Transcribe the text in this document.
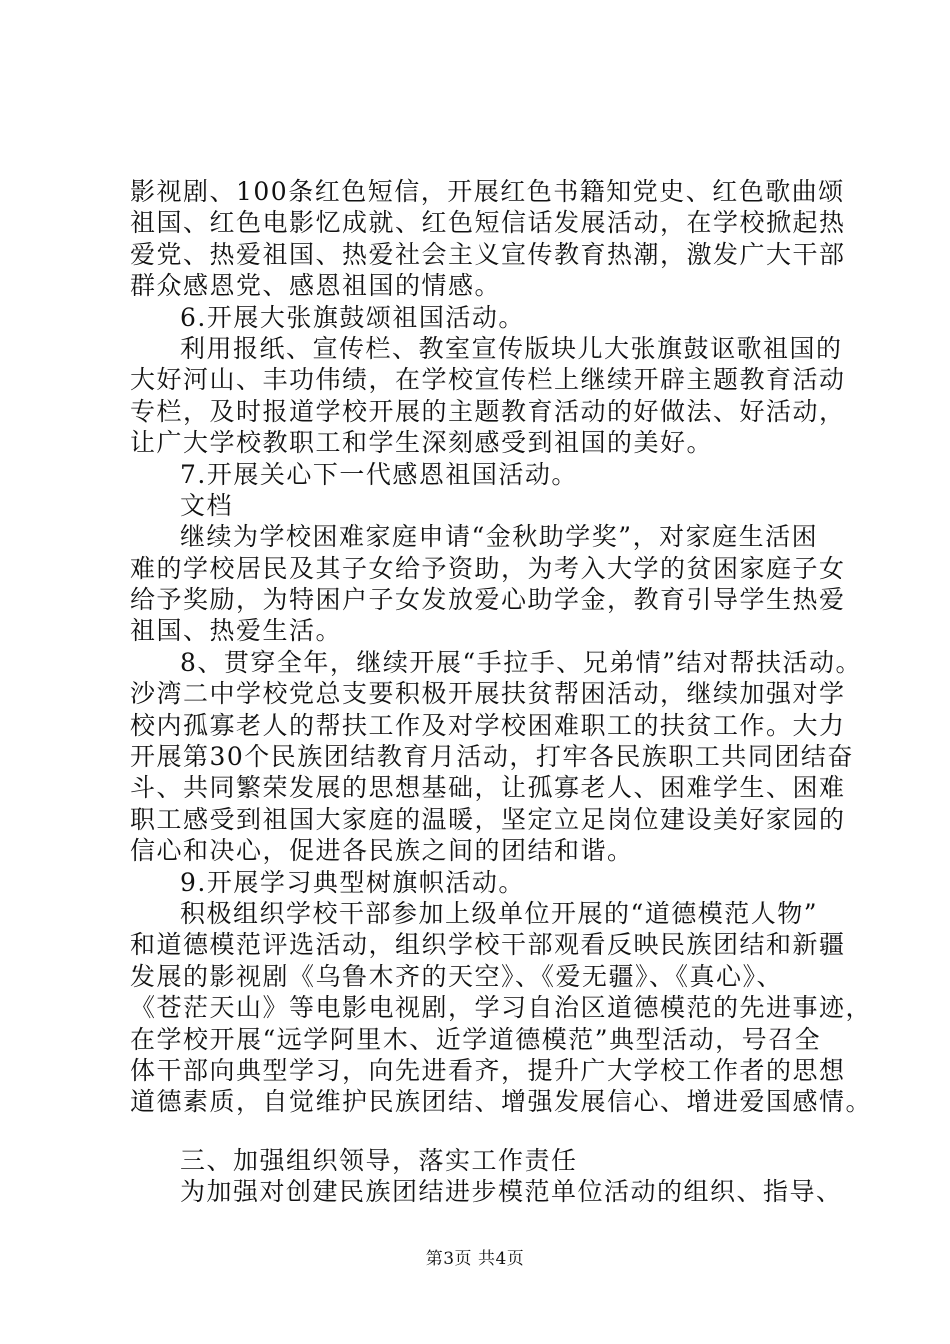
影视剧、100条红色短信，开展红色书籍知党史、红色歌曲颂
祖国、红色电影忆成就、红色短信话发展活动，在学校掀起热
爱党、热爱祖国、热爱社会主义宣传教育热潮，激发广大干部
群众感恩党、感恩祖国的情感。
6.开展大张旗鼓颂祖国活动。
利用报纸、宣传栏、教室宣传版块儿大张旗鼓讴歌祖国的
大好河山、丰功伟绩，在学校宣传栏上继续开辟主题教育活动
专栏，及时报道学校开展的主题教育活动的好做法、好活动，
让广大学校教职工和学生深刻感受到祖国的美好。
7.开展关心下一代感恩祖国活动。
文档
继续为学校困难家庭申请“金秋助学奖”，对家庭生活困
难的学校居民及其子女给予资助，为考入大学的贫困家庭子女
给予奖励，为特困户子女发放爱心助学金，教育引导学生热爱
祖国、热爱生活。
8、贯穿全年，继续开展“手拉手、兄弟情”结对帮扶活动。
沙湾二中学校党总支要积极开展扶贫帮困活动，继续加强对学
校内孤寡老人的帮扶工作及对学校困难职工的扶贫工作。大力
开展第30个民族团结教育月活动，打牢各民族职工共同团结奋
斗、共同繁荣发展的思想基础，让孤寡老人、困难学生、困难
职工感受到祖国大家庭的温暖，坚定立足岗位建设美好家园的
信心和决心，促进各民族之间的团结和谐。
9.开展学习典型树旗帜活动。
积极组织学校干部参加上级单位开展的“道德模范人物”
和道德模范评选活动，组织学校干部观看反映民族团结和新疆
发展的影视剧《乌鲁木齐的天空》、《爱无疆》、《真心》、
《苍茫天山》等电影电视剧，学习自治区道德模范的先进事迹，
在学校开展“远学阿里木、近学道德模范”典型活动，号召全
体干部向典型学习，向先进看齐，提升广大学校工作者的思想
道德素质，自觉维护民族团结、增强发展信心、增进爱国感情。
三、加强组织领导，落实工作责任
为加强对创建民族团结进步模范单位活动的组织、指导、
第3页 共4页
